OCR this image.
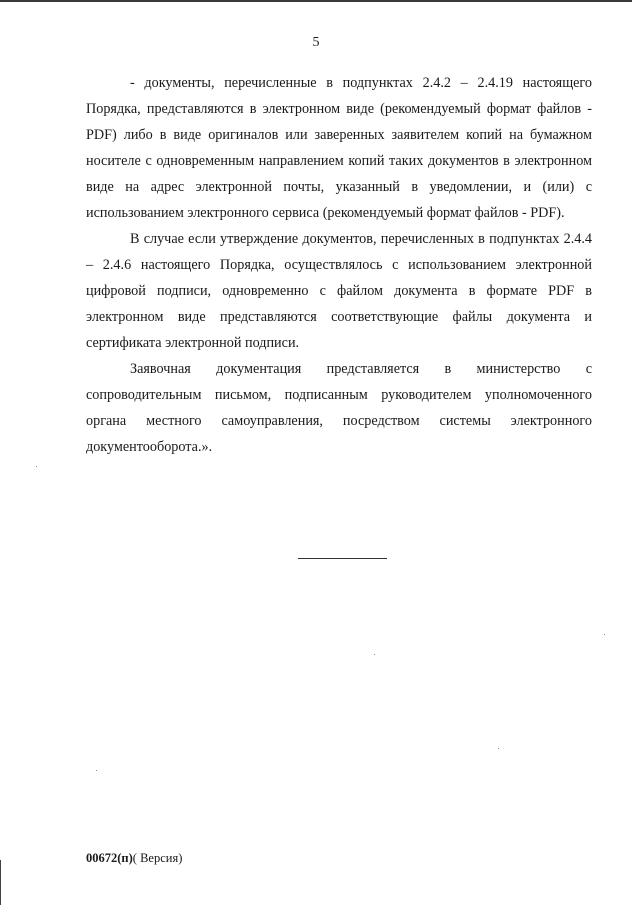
5

- документы, перечисленные в подпунктах 2.4.2 – 2.4.19 настоящего Порядка, представляются в электронном виде (рекомендуемый формат файлов - PDF) либо в виде оригиналов или заверенных заявителем копий на бумажном носителе с одновременным направлением копий таких документов в электронном виде на адрес электронной почты, указанный в уведомлении, и (или) с использованием электронного сервиса (рекомендуемый формат файлов - PDF).

В случае если утверждение документов, перечисленных в подпунктах 2.4.4 – 2.4.6 настоящего Порядка, осуществлялось с использованием электронной цифровой подписи, одновременно с файлом документа в формате PDF в электронном виде представляются соответствующие файлы документа и сертификата электронной подписи.

Заявочная документация представляется в министерство с сопроводительным письмом, подписанным руководителем уполномоченного органа местного самоуправления, посредством системы электронного документооборота.».

00672(п)( Версия)
